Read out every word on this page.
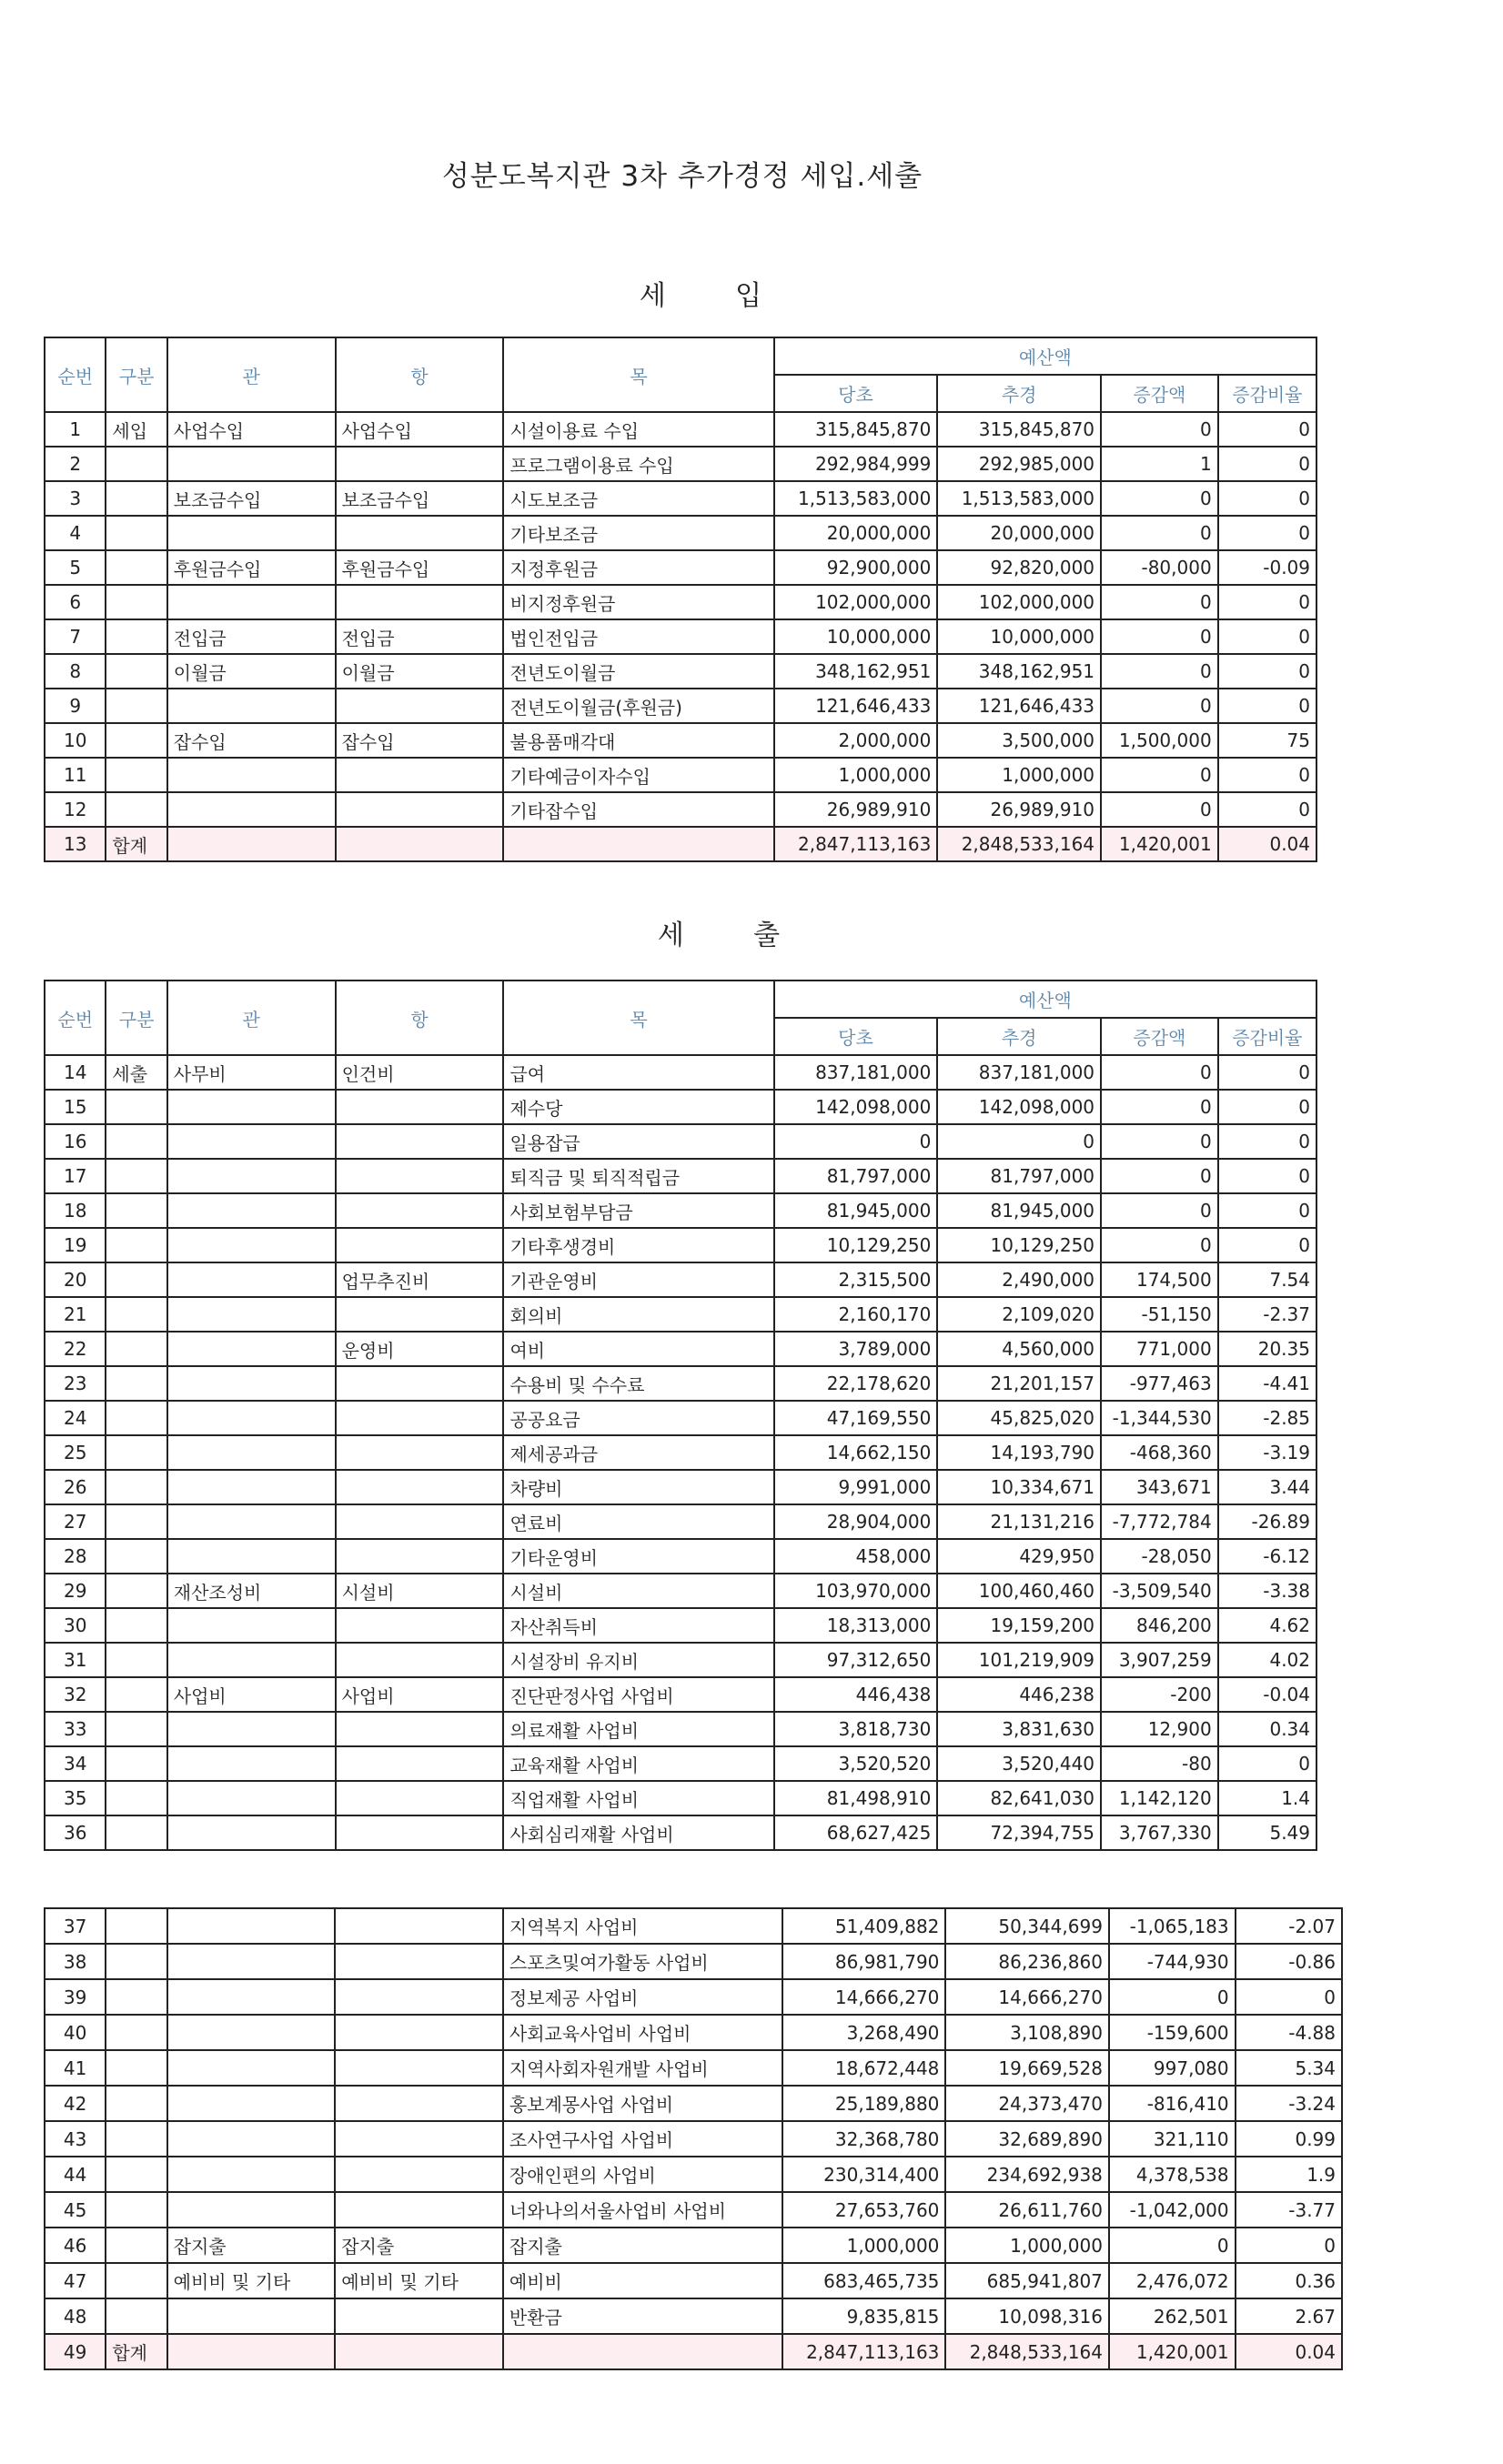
성분도복지관 3차 추가경정 세입.세출
세        입
순번	구분	관	항	목	예산액			
					당초	추경	증감액	증감비율
1	세입	사업수입	사업수입	시설이용료 수입	315,845,870	315,845,870	0	0
2				프로그램이용료 수입	292,984,999	292,985,000	1	0
3		보조금수입	보조금수입	시도보조금	1,513,583,000	1,513,583,000	0	0
4				기타보조금	20,000,000	20,000,000	0	0
5		후원금수입	후원금수입	지정후원금	92,900,000	92,820,000	-80,000	-0.09
6				비지정후원금	102,000,000	102,000,000	0	0
7		전입금	전입금	법인전입금	10,000,000	10,000,000	0	0
8		이월금	이월금	전년도이월금	348,162,951	348,162,951	0	0
9				전년도이월금(후원금)	121,646,433	121,646,433	0	0
10		잡수입	잡수입	불용품매각대	2,000,000	3,500,000	1,500,000	75
11				기타예금이자수입	1,000,000	1,000,000	0	0
12				기타잡수입	26,989,910	26,989,910	0	0
13	합계				2,847,113,163	2,848,533,164	1,420,001	0.04
세        출
순번	구분	관	항	목	예산액			
					당초	추경	증감액	증감비율
14	세출	사무비	인건비	급여	837,181,000	837,181,000	0	0
15				제수당	142,098,000	142,098,000	0	0
16				일용잡급	0	0	0	0
17				퇴직금 및 퇴직적립금	81,797,000	81,797,000	0	0
18				사회보험부담금	81,945,000	81,945,000	0	0
19				기타후생경비	10,129,250	10,129,250	0	0
20			업무추진비	기관운영비	2,315,500	2,490,000	174,500	7.54
21				회의비	2,160,170	2,109,020	-51,150	-2.37
22			운영비	여비	3,789,000	4,560,000	771,000	20.35
23				수용비 및 수수료	22,178,620	21,201,157	-977,463	-4.41
24				공공요금	47,169,550	45,825,020	-1,344,530	-2.85
25				제세공과금	14,662,150	14,193,790	-468,360	-3.19
26				차량비	9,991,000	10,334,671	343,671	3.44
27				연료비	28,904,000	21,131,216	-7,772,784	-26.89
28				기타운영비	458,000	429,950	-28,050	-6.12
29		재산조성비	시설비	시설비	103,970,000	100,460,460	-3,509,540	-3.38
30				자산취득비	18,313,000	19,159,200	846,200	4.62
31				시설장비 유지비	97,312,650	101,219,909	3,907,259	4.02
32		사업비	사업비	진단판정사업 사업비	446,438	446,238	-200	-0.04
33				의료재활 사업비	3,818,730	3,831,630	12,900	0.34
34				교육재활 사업비	3,520,520	3,520,440	-80	0
35				직업재활 사업비	81,498,910	82,641,030	1,142,120	1.4
36				사회심리재활 사업비	68,627,425	72,394,755	3,767,330	5.49
37				지역복지 사업비	51,409,882	50,344,699	-1,065,183	-2.07
38				스포츠및여가활동 사업비	86,981,790	86,236,860	-744,930	-0.86
39				정보제공 사업비	14,666,270	14,666,270	0	0
40				사회교육사업비 사업비	3,268,490	3,108,890	-159,600	-4.88
41				지역사회자원개발 사업비	18,672,448	19,669,528	997,080	5.34
42				홍보계몽사업 사업비	25,189,880	24,373,470	-816,410	-3.24
43				조사연구사업 사업비	32,368,780	32,689,890	321,110	0.99
44				장애인편의 사업비	230,314,400	234,692,938	4,378,538	1.9
45				너와나의서울사업비 사업비	27,653,760	26,611,760	-1,042,000	-3.77
46		잡지출	잡지출	잡지출	1,000,000	1,000,000	0	0
47		예비비 및 기타	예비비 및 기타	예비비	683,465,735	685,941,807	2,476,072	0.36
48				반환금	9,835,815	10,098,316	262,501	2.67
49	합계				2,847,113,163	2,848,533,164	1,420,001	0.04
